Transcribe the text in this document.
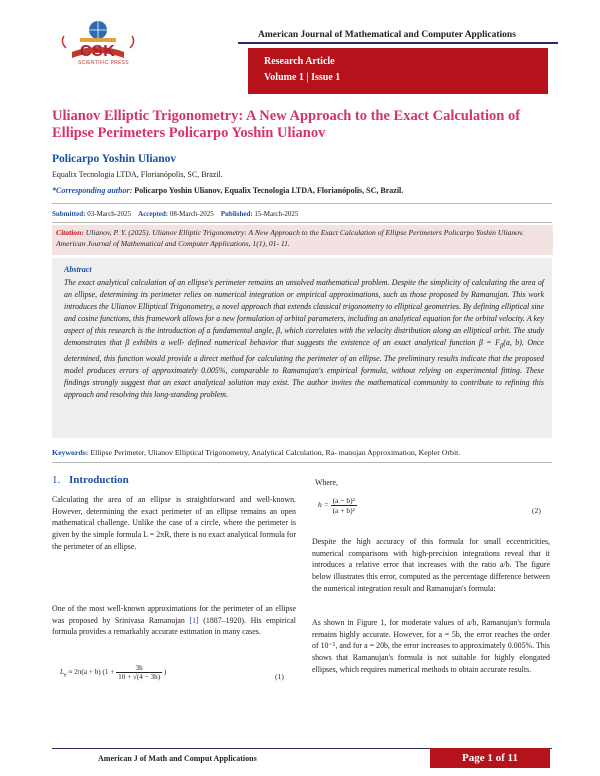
CSK
SCIENTIFIC PRESS
American Journal of Mathematical and Computer Applications
Research Article
Volume 1 | Issue 1
Ulianov Elliptic Trigonometry: A New Approach to the Exact Calculation of Ellipse Perimeters Policarpo Yoshin Ulianov
Policarpo Yoshin Ulianov
Equalix Tecnologia LTDA, Florianópolis, SC, Brazil.
*Corresponding author: Policarpo Yoshin Ulianov, Equalix Tecnologia LTDA, Florianópolis, SC, Brazil.
Submitted: 03-March-2025 Accepted: 08-March-2025 Published: 15-March-2025
Citation: Ulianov, P. Y. (2025). Ulianov Elliptic Trigonometry: A New Approach to the Exact Calculation of Ellipse Perimeters Policarpo Yoshin Ulianov. American Journal of Mathematical and Computer Applications, 1(1), 01- 11.
Abstract
The exact analytical calculation of an ellipse's perimeter remains an unsolved mathematical problem. Despite the simplicity of calculating the area of an ellipse, determining its perimeter relies on numerical integration or empirical approximations, such as those proposed by Ramanujan. This work introduces the Ulianov Elliptical Trigonometry, a novel approach that extends classical trigonometry to elliptical geometries. By defining elliptical sine and cosine functions, this framework allows for a new formulation of orbital parameters, including an analytical equation for the orbital velocity. A key aspect of this research is the introduction of a fundamental angle, β, which correlates with the velocity distribution along an elliptical orbit. The study demonstrates that β exhibits a well- defined numerical behavior that suggests the existence of an exact analytical function $\beta = F_\beta(a$, b). Once determined, this function would provide a direct method for calculating the perimeter of an ellipse. The preliminary results indicate that the proposed model produces errors of approximately 0.005%, comparable to Ramanujan's empirical formula, without relying on experimental fitting. These findings strongly suggest that an exact analytical solution may exist. The author invites the mathematical community to contribute to refining this approach and resolving this long-standing problem.
Keywords: Ellipse Perimeter, Ulianov Elliptical Trigonometry, Analytical Calculation, Ra- manujan Approximation, Kepler Orbit.
1. Introduction
Calculating the area of an ellipse is straightforward and well-known. However, determining the exact perimeter of an ellipse remains an open mathematical challenge. Unlike the case of a circle, where the perimeter is given by the simple formula L = 2πR, there is no exact analytical formula for the perimeter of an ellipse.
One of the most well-known approximations for the perimeter of an ellipse was proposed by Srinivasa Ramanujan [1] (1887–1920). His empirical formula provides a remarkably accurate estimation in many cases.
$L_e \approx 2\pi(a + b) (1 + \frac{3h}{10 + √(4 - 3h)}$ )	(1)
Where,
$h = \frac{\text{(a − b)²}}{\text{(a + b)²}}$	(2)
Despite the high accuracy of this formula for small eccentricities, numerical comparisons with high-precision integrations reveal that it introduces a relative error that increases with the ratio a/b. The figure below illustrates this error, computed as the percentage difference between the numerical integration result and Ramanujan's formula:
As shown in Figure 1, for moderate values of a/b, Ramanujan's formula remains highly accurate. However, for a = 5b, the error reaches the order of 10⁻⁵, and for a = 20b, the error increases to approximately 0.005%. This shows that Ramanujan's formula is not suitable for highly elongated ellipses, which requires numerical methods to obtain accurate results.
American J of Math and Comput Applications	Page 1 of 11
